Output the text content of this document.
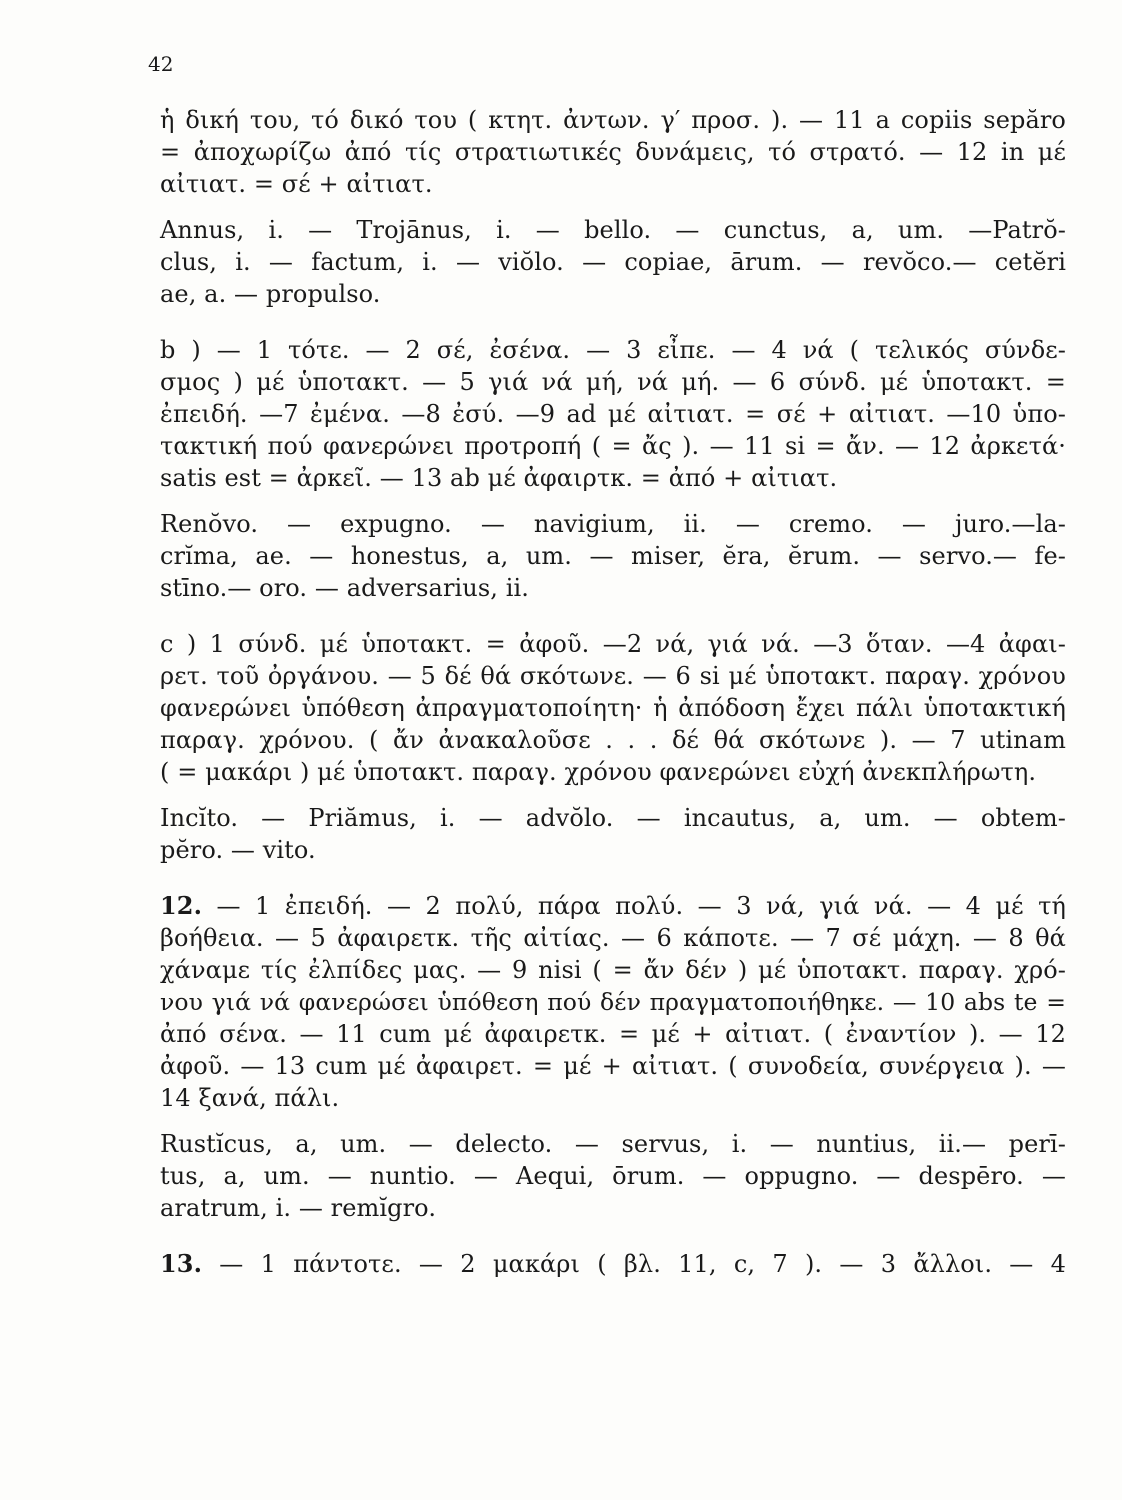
42
ἡ δική του, τό δικό του ( κτητ. ἀντων. γ′ προσ. ). — 11 a copiis sepăro
= ἀποχωρίζω ἀπό τίς στρατιωτικές δυνάμεις, τό στρατό. — 12 in μέ
αἰτιατ. = σέ + αἰτιατ.
Annus, i. — Trojānus, i. — bello. — cunctus, a, um. —Patrŏ-
clus, i. — factum, i. — viŏlo. — copiae, ārum. — revŏco.— cetĕri
ae, a. — propulso.
b ) — 1 τότε. — 2 σέ, ἐσένα. — 3 εἶπε. — 4 νά ( τελικός σύνδε-
σμος ) μέ ὑποτακτ. — 5 γιά νά μή, νά μή. — 6 σύνδ. μέ ὑποτακτ. =
ἐπειδή. —7 ἐμένα. —8 ἐσύ. —9 ad μέ αἰτιατ. = σέ + αἰτιατ. —10 ὑπο-
τακτική πού φανερώνει προτροπή ( = ἄς ). — 11 si = ἄν. — 12 ἀρκετά·
satis est = ἀρκεῖ. — 13 ab μέ ἀφαιρτκ. = ἀπό + αἰτιατ.
Renŏvo. — expugno. — navigium, ii. — cremo. — juro.—la-
crĭma, ae. — honestus, a, um. — miser, ĕra, ĕrum. — servo.— fe-
stīno.— oro. — adversarius, ii.
c ) 1 σύνδ. μέ ὑποτακτ. = ἀφοῦ. —2 νά, γιά νά. —3 ὅταν. —4 ἀφαι-
ρετ. τοῦ ὀργάνου. — 5 δέ θά σκότωνε. — 6 si μέ ὑποτακτ. παραγ. χρόνου
φανερώνει ὑπόθεση ἀπραγματοποίητη· ἡ ἀπόδοση ἔχει πάλι ὑποτακτική
παραγ. χρόνου. ( ἄν ἀνακαλοῦσε . . . δέ θά σκότωνε ). — 7 utinam
( = μακάρι ) μέ ὑποτακτ. παραγ. χρόνου φανερώνει εὐχή ἀνεκπλήρωτη.
Incĭto. — Priămus, i. — advŏlo. — incautus, a, um. — obtem-
pĕro. — vito.
12. — 1 ἐπειδή. — 2 πολύ, πάρα πολύ. — 3 νά, γιά νά. — 4 μέ τή
βοήθεια. — 5 ἀφαιρετκ. τῆς αἰτίας. — 6 κάποτε. — 7 σέ μάχη. — 8 θά
χάναμε τίς ἐλπίδες μας. — 9 nisi ( = ἄν δέν ) μέ ὑποτακτ. παραγ. χρό-
νου γιά νά φανερώσει ὑπόθεση πού δέν πραγματοποιήθηκε. — 10 abs te =
ἀπό σένα. — 11 cum μέ ἀφαιρετκ. = μέ + αἰτιατ. ( ἐναντίον ). — 12
ἀφοῦ. — 13 cum μέ ἀφαιρετ. = μέ + αἰτιατ. ( συνοδεία, συνέργεια ). —
14 ξανά, πάλι.
Rustĭcus, a, um. — delecto. — servus, i. — nuntius, ii.— perī-
tus, a, um. — nuntio. — Aequi, ōrum. — oppugno. — despēro. —
aratrum, i. — remĭgro.
13. — 1 πάντοτε. — 2 μακάρι ( βλ. 11, c, 7 ). — 3 ἄλλοι. — 4
